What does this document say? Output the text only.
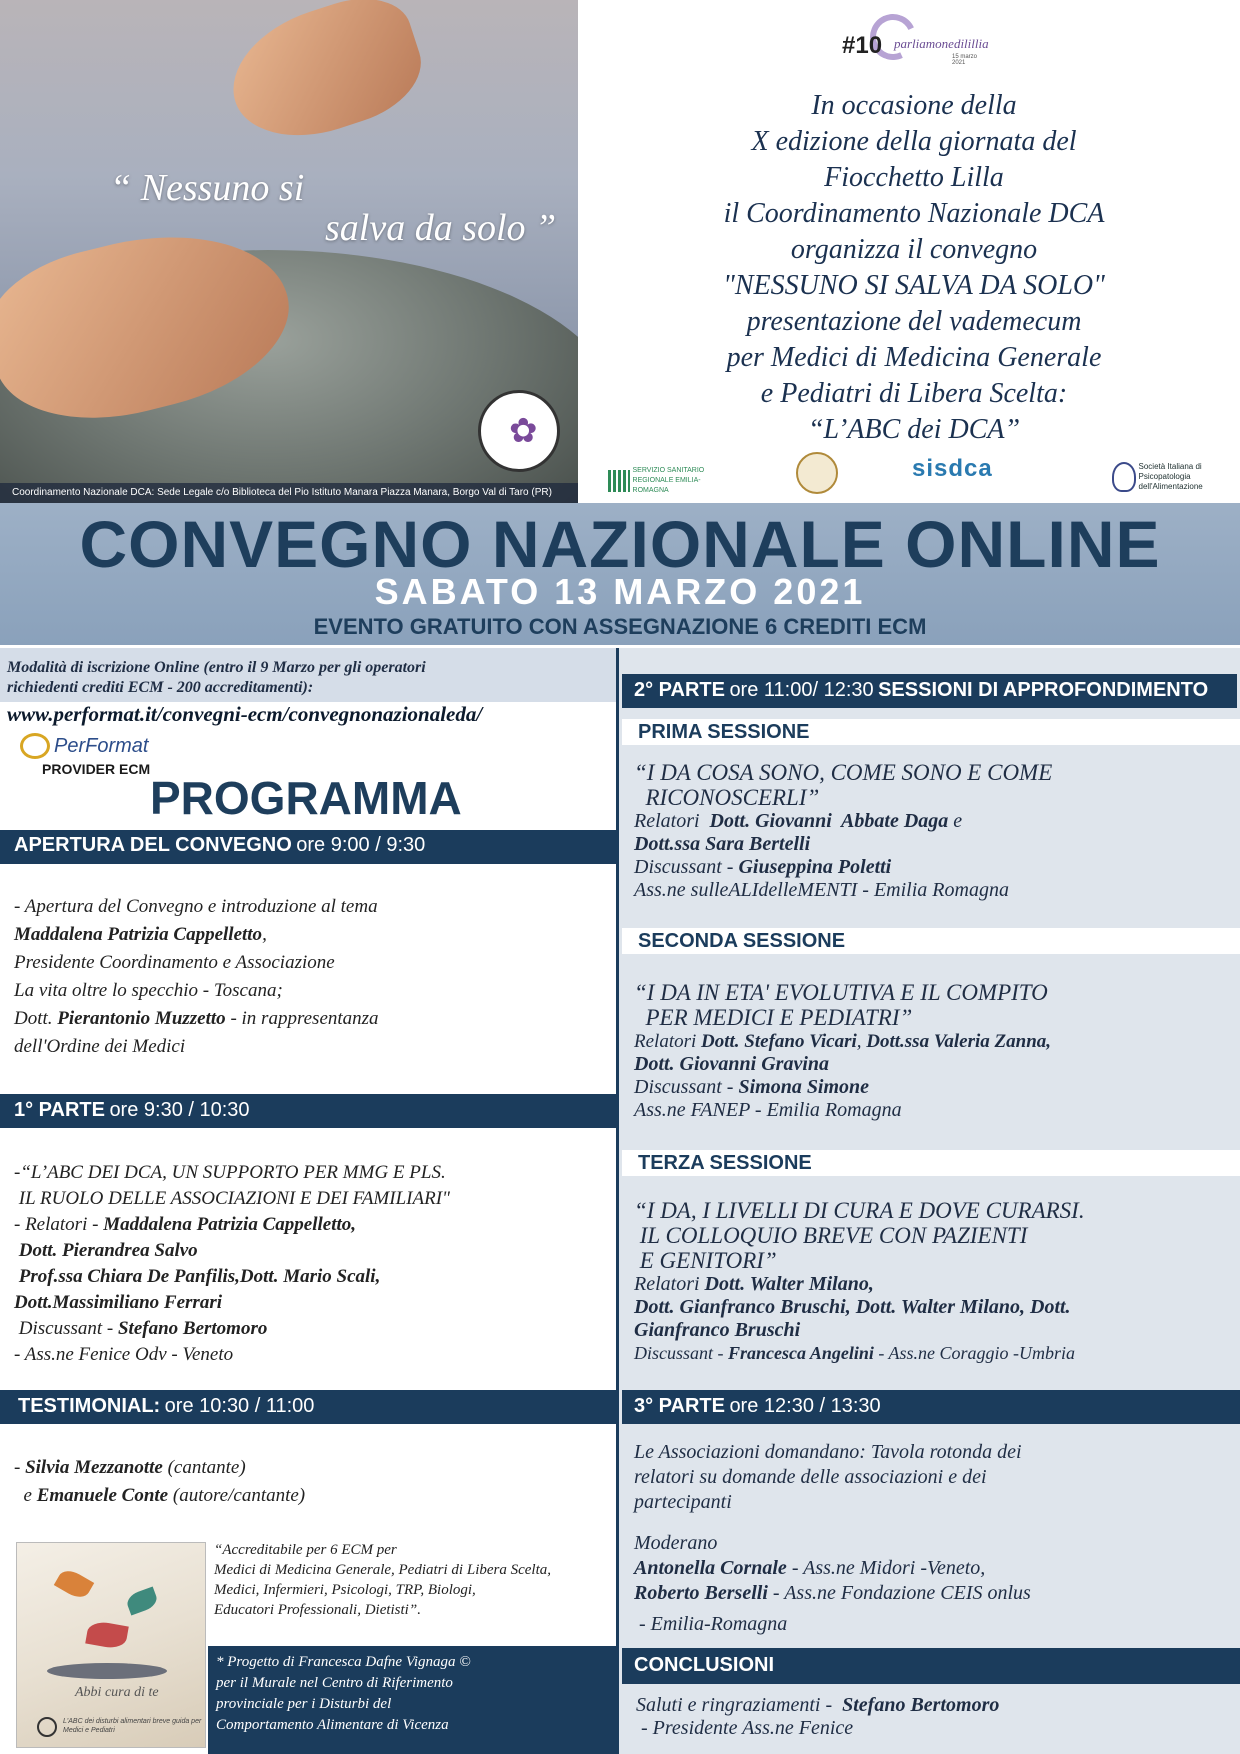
✿
“ Nessuno si
salva da solo ”
Coordinamento Nazionale DCA: Sede Legale c/o Biblioteca del Pio Istituto Manara Piazza Manara, Borgo Val di Taro (PR)
#10 parliamonedilillia
15 marzo 2021
In occasione della
X edizione della giornata del
Fiocchetto Lilla
il Coordinamento Nazionale DCA
organizza il convegno
"NESSUNO SI SALVA DA SOLO"
presentazione del vademecum
per Medici di Medicina Generale
e Pediatri di Libera Scelta:
“L’ABC dei DCA”
SERVIZIO SANITARIO REGIONALE EMILIA-ROMAGNA
sisdca	Società Italiana di Psicopatologia dell'Alimentazione
CONVEGNO NAZIONALE ONLINE
SABATO 13 MARZO 2021
EVENTO GRATUITO CON ASSEGNAZIONE 6 CREDITI ECM
Modalità di iscrizione Online (entro il 9 Marzo per gli operatori
richiedenti crediti ECM - 200 accreditamenti):
www.performat.it/convegni-ecm/convegnonazionaleda/
PerFormat
PROVIDER ECM
PROGRAMMA
APERTURA DEL CONVEGNO ore 9:00 / 9:30
- Apertura del Convegno e introduzione al tema
Maddalena Patrizia Cappelletto,
Presidente Coordinamento e Associazione
La vita oltre lo specchio - Toscana;
Dott. Pierantonio Muzzetto - in rappresentanza
dell'Ordine dei Medici
1° PARTE ore 9:30 / 10:30
-“L’ABC DEI DCA, UN SUPPORTO PER MMG E PLS.
IL RUOLO DELLE ASSOCIAZIONI E DEI FAMILIARI"
- Relatori - Maddalena Patrizia Cappelletto,
Dott. Pierandrea Salvo
Prof.ssa Chiara De Panfilis,Dott. Mario Scali,
Dott.Massimiliano Ferrari
Discussant - Stefano Bertomoro
- Ass.ne Fenice Odv - Veneto
TESTIMONIAL: ore 10:30 / 11:00
- Silvia Mezzanotte (cantante)
e Emanuele Conte (autore/cantante)
Abbi cura di te
L'ABC dei disturbi alimentari breve guida per Medici e Pediatri
“Accreditabile per 6 ECM per
Medici di Medicina Generale, Pediatri di Libera Scelta,
Medici, Infermieri, Psicologi, TRP, Biologi,
Educatori Professionali, Dietisti”.
* Progetto di Francesca Dafne Vignaga ©
per il Murale nel Centro di Riferimento
provinciale per i Disturbi del
Comportamento Alimentare di Vicenza
2° PARTE ore 11:00/ 12:30 SESSIONI DI APPROFONDIMENTO
PRIMA SESSIONE
“I DA COSA SONO, COME SONO E COME
RICONOSCERLI”
Relatori  Dott. Giovanni  Abbate Daga e
Dott.ssa Sara Bertelli
Discussant - Giuseppina Poletti
Ass.ne sulleALIdelleMENTI - Emilia Romagna
SECONDA SESSIONE
“I DA IN ETA' EVOLUTIVA E IL COMPITO
PER MEDICI E PEDIATRI”
Relatori Dott. Stefano Vicari, Dott.ssa Valeria Zanna,
Dott. Giovanni Gravina
Discussant - Simona Simone
Ass.ne FANEP - Emilia Romagna
TERZA SESSIONE
“I DA, I LIVELLI DI CURA E DOVE CURARSI.
IL COLLOQUIO BREVE CON PAZIENTI
E GENITORI”
Relatori Dott. Walter Milano,
Dott. Gianfranco Bruschi, Dott. Walter Milano, Dott.
Gianfranco Bruschi
Discussant - Francesca Angelini - Ass.ne Coraggio -Umbria
3° PARTE ore 12:30 / 13:30
Le Associazioni domandano: Tavola rotonda dei
relatori su domande delle associazioni e dei
partecipanti
Moderano
Antonella Cornale - Ass.ne Midori -Veneto,
Roberto Berselli - Ass.ne Fondazione CEIS onlus
- Emilia-Romagna
CONCLUSIONI
Saluti e ringraziamenti -  Stefano Bertomoro
- Presidente Ass.ne Fenice
